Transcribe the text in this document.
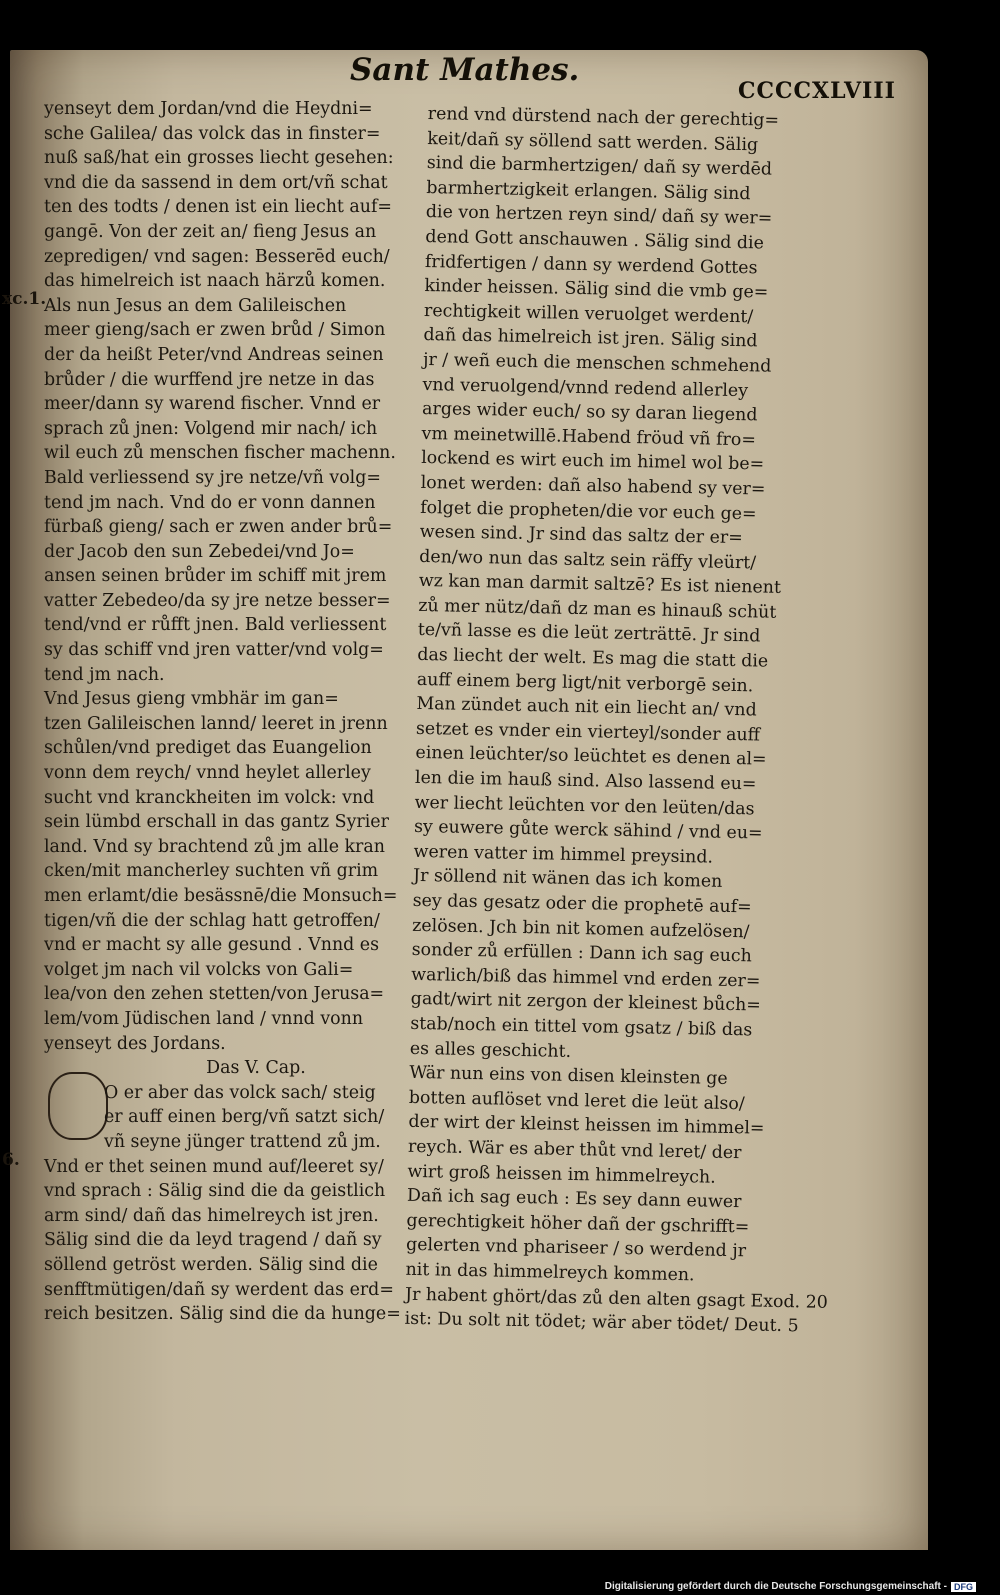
Sant Mathes.
CCCCXLVIII
xc.1.
6.
yenseyt dem Jordan/vnd die Heydni=
sche Galilea/ das volck das in finster=
nuß saß/hat ein grosses liecht gesehen:
vnd die da sassend in dem ort/vñ schat
ten des todts / denen ist ein liecht auf=
gangē. Von der zeit an/ fieng Jesus an
zepredigen/ vnd sagen: Besserēd euch/
das himelreich ist naach härzů komen.
Als nun Jesus an dem Galileischen
meer gieng/sach er zwen brůd / Simon
der da heißt Peter/vnd Andreas seinen
brůder / die wurffend jre netze in das
meer/dann sy warend fischer. Vnnd er
sprach zů jnen: Volgend mir nach/ ich
wil euch zů menschen fischer machenn.
Bald verliessend sy jre netze/vñ volg=
tend jm nach. Vnd do er vonn dannen
fürbaß gieng/ sach er zwen ander brů=
der Jacob den sun Zebedei/vnd Jo=
ansen seinen brůder im schiff mit jrem
vatter Zebedeo/da sy jre netze besser=
tend/vnd er růfft jnen. Bald verliessent
sy das schiff vnd jren vatter/vnd volg=
tend jm nach.
Vnd Jesus gieng vmbhär im gan=
tzen Galileischen lannd/ leeret in jrenn
schůlen/vnd prediget das Euangelion
vonn dem reych/ vnnd heylet allerley
sucht vnd kranckheiten im volck: vnd
sein lümbd erschall in das gantz Syrier
land. Vnd sy brachtend zů jm alle kran
cken/mit mancherley suchten vñ grim
men erlamt/die besässnē/die Monsuch=
tigen/vñ die der schlag hatt getroffen/
vnd er macht sy alle gesund . Vnnd es
volget jm nach vil volcks von Gali=
lea/von den zehen stetten/von Jerusa=
lem/vom Jüdischen land / vnnd vonn
yenseyt des Jordans.
Das V. Cap.
O er aber das volck sach/ steig
er auff einen berg/vñ satzt sich/
vñ seyne jünger trattend zů jm.
Vnd er thet seinen mund auf/leeret sy/
vnd sprach : Sälig sind die da geistlich
arm sind/ dañ das himelreych ist jren.
Sälig sind die da leyd tragend / dañ sy
söllend getröst werden. Sälig sind die
senfftmütigen/dañ sy werdent das erd=
reich besitzen. Sälig sind die da hunge=
rend vnd dürstend nach der gerechtig=
keit/dañ sy söllend satt werden. Sälig
sind die barmhertzigen/ dañ sy werdēd
barmhertzigkeit erlangen. Sälig sind
die von hertzen reyn sind/ dañ sy wer=
dend Gott anschauwen . Sälig sind die
fridfertigen / dann sy werdend Gottes
kinder heissen. Sälig sind die vmb ge=
rechtigkeit willen veruolget werdent/
dañ das himelreich ist jren. Sälig sind
jr / weñ euch die menschen schmehend
vnd veruolgend/vnnd redend allerley
arges wider euch/ so sy daran liegend
vm meinetwillē.Habend fröud vñ fro=
lockend es wirt euch im himel wol be=
lonet werden: dañ also habend sy ver=
folget die propheten/die vor euch ge=
wesen sind. Jr sind das saltz der er=
den/wo nun das saltz sein räffy vleürt/
wz kan man darmit saltzē? Es ist nienent
zů mer nütz/dañ dz man es hinauß schüt
te/vñ lasse es die leüt zerträttē. Jr sind
das liecht der welt. Es mag die statt die
auff einem berg ligt/nit verborgē sein.
Man zündet auch nit ein liecht an/ vnd
setzet es vnder ein vierteyl/sonder auff
einen leüchter/so leüchtet es denen al=
len die im hauß sind. Also lassend eu=
wer liecht leüchten vor den leüten/das
sy euwere gůte werck sähind / vnd eu=
weren vatter im himmel preysind.
Jr söllend nit wänen das ich komen
sey das gesatz oder die prophetē auf=
zelösen. Jch bin nit komen aufzelösen/
sonder zů erfüllen : Dann ich sag euch
warlich/biß das himmel vnd erden zer=
gadt/wirt nit zergon der kleinest bůch=
stab/noch ein tittel vom gsatz / biß das
es alles geschicht.
Wär nun eins von disen kleinsten ge
botten auflöset vnd leret die leüt also/
der wirt der kleinst heissen im himmel=
reych. Wär es aber thůt vnd leret/ der
wirt groß heissen im himmelreych.
Dañ ich sag euch : Es sey dann euwer
gerechtigkeit höher dañ der gschrifft=
gelerten vnd phariseer / so werdend jr
nit in das himmelreych kommen.
Jr habent ghört/das zů den alten gsagt Exod. 20
ist: Du solt nit tödet; wär aber tödet/ Deut. 5
Digitalisierung gefördert durch die Deutsche Forschungsgemeinschaft - DFG
